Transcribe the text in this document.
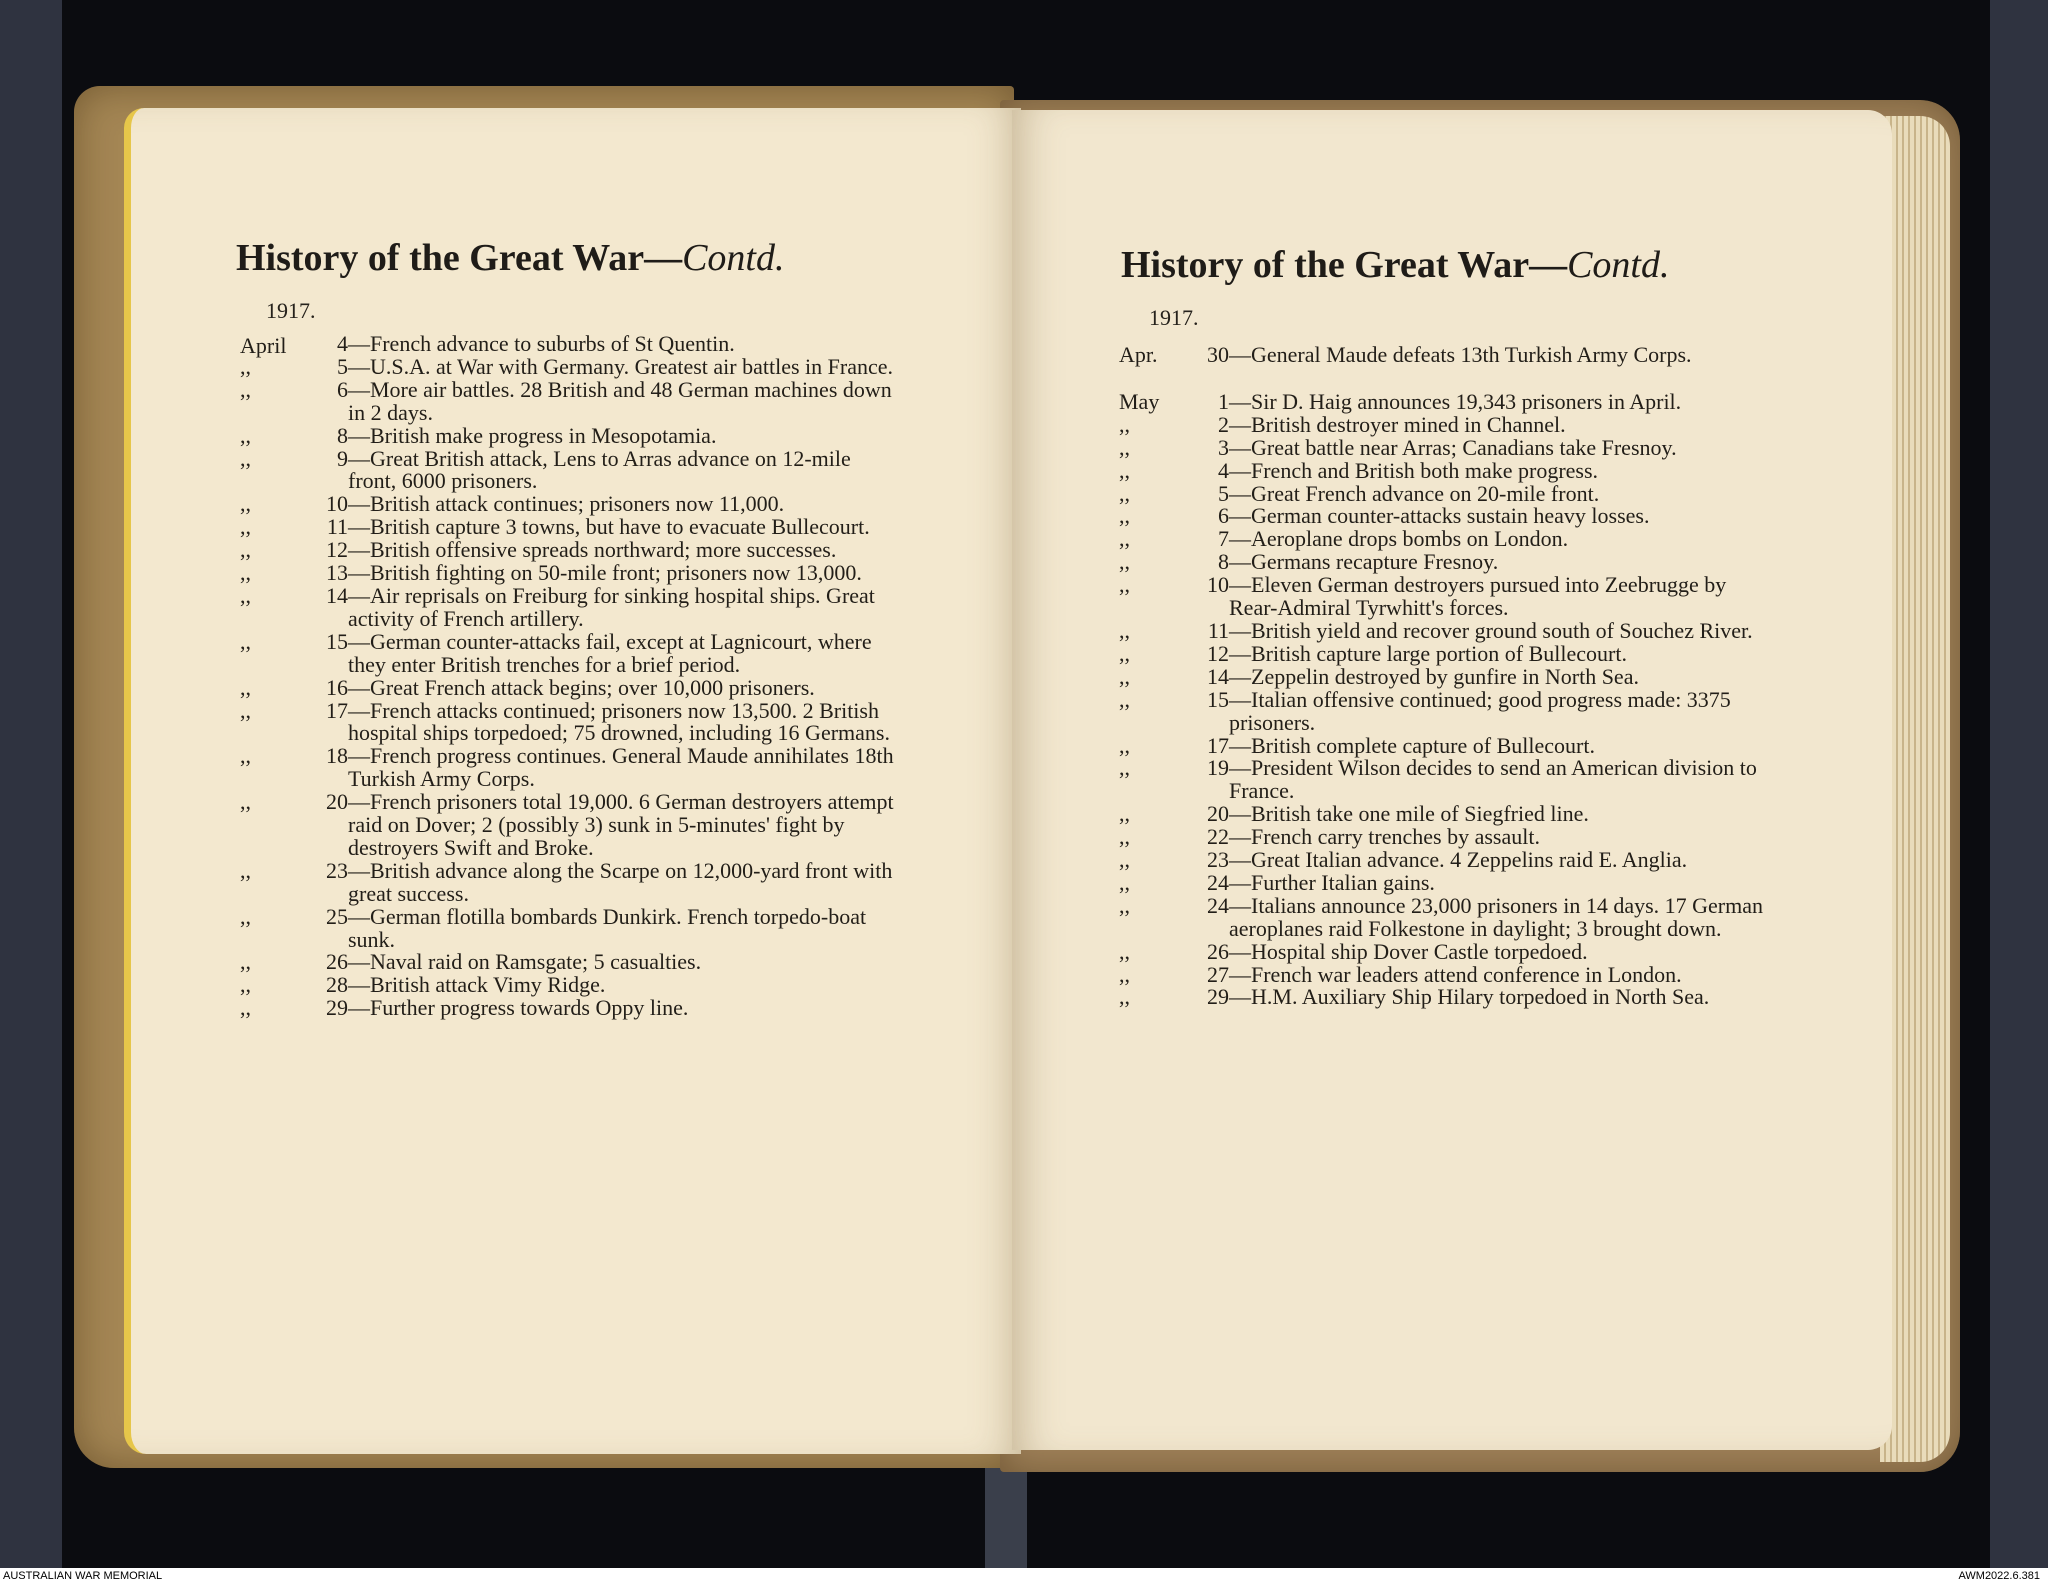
History of the Great War—Contd.
1917.
April	4 —French advance to suburbs of St Quentin.
,,	5 —U.S.A. at War with Germany. Greatest air battles in France.
,,	6 —More air battles. 28 British and 48 German machines down in 2 days.
,,	8 —British make progress in Mesopotamia.
,,	9 —Great British attack, Lens to Arras advance on 12-mile front, 6000 prisoners.
,,	10 —British attack continues; prisoners now 11,000.
,,	11 —British capture 3 towns, but have to evacuate Bullecourt.
,,	12 —British offensive spreads northward; more successes.
,,	13 —British fighting on 50-mile front; prisoners now 13,000.
,,	14 —Air reprisals on Freiburg for sinking hospital ships. Great activity of French artillery.
,,	15 —German counter-attacks fail, except at Lagnicourt, where they enter British trenches for a brief period.
,,	16 —Great French attack begins; over 10,000 prisoners.
,,	17 —French attacks continued; prisoners now 13,500. 2 British hospital ships torpedoed; 75 drowned, including 16 Germans.
,,	18 —French progress continues. General Maude annihilates 18th Turkish Army Corps.
,,	20 —French prisoners total 19,000. 6 German destroyers attempt raid on Dover; 2 (possibly 3) sunk in 5-minutes' fight by destroyers Swift and Broke.
,,	23 —British advance along the Scarpe on 12,000-yard front with great success.
,,	25 —German flotilla bombards Dunkirk. French torpedo-boat sunk.
,,	26 —Naval raid on Ramsgate; 5 casualties.
,,	28 —British attack Vimy Ridge.
,,	29 —Further progress towards Oppy line.
History of the Great War—Contd.
1917.
Apr.	30 —General Maude defeats 13th Turkish Army Corps.
May	1 —Sir D. Haig announces 19,343 prisoners in April.
,,	2 —British destroyer mined in Channel.
,,	3 —Great battle near Arras; Canadians take Fresnoy.
,,	4 —French and British both make progress.
,,	5 —Great French advance on 20-mile front.
,,	6 —German counter-attacks sustain heavy losses.
,,	7 —Aeroplane drops bombs on London.
,,	8 —Germans recapture Fresnoy.
,,	10 —Eleven German destroyers pursued into Zeebrugge by Rear-Admiral Tyrwhitt's forces.
,,	11 —British yield and recover ground south of Souchez River.
,,	12 —British capture large portion of Bullecourt.
,,	14 —Zeppelin destroyed by gunfire in North Sea.
,,	15 —Italian offensive continued; good progress made: 3375 prisoners.
,,	17 —British complete capture of Bullecourt.
,,	19 —President Wilson decides to send an American division to France.
,,	20 —British take one mile of Siegfried line.
,,	22 —French carry trenches by assault.
,,	23 —Great Italian advance. 4 Zeppelins raid E. Anglia.
,,	24 —Further Italian gains.
,,	24 —Italians announce 23,000 prisoners in 14 days. 17 German aeroplanes raid Folkestone in daylight; 3 brought down.
,,	26 —Hospital ship Dover Castle torpedoed.
,,	27 —French war leaders attend conference in London.
,,	29 —H.M. Auxiliary Ship Hilary torpedoed in North Sea.
AUSTRALIAN WAR MEMORIAL	AWM2022.6.381
